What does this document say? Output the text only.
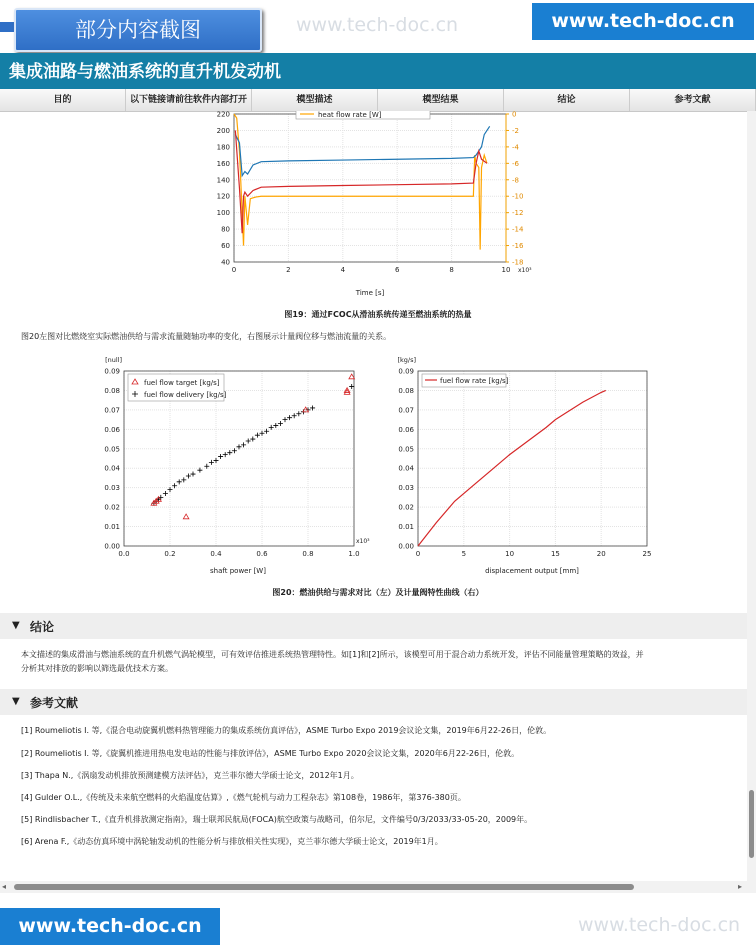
部分内容截图	www.tech-doc.cn	www.tech-doc.cn
集成油路与燃油系统的直升机发动机
目的	以下链接请前往软件内部打开	模型描述	模型结果	结论	参考文献
0	2	4	6	8	10
40
60
80
100
120
140
160
180
200
220	0
-2
-4
-6
-8
-10
-12
-14
-16
-18
Time [s]
x10³
heat flow rate [W]
图19：通过FCOC从滑油系统传递至燃油系统的热量
图20左图对比燃烧室实际燃油供给与需求流量随轴功率的变化，右图展示计量阀位移与燃油流量的关系。
0.0	0.2	0.4	0.6	0.8	1.0
0.00
0.01
0.02
0.03
0.04
0.05
0.06
0.07
0.08
0.09
[null]
shaft power [W]
x10³
fuel flow target [kg/s]
fuel flow delivery [kg/s]
0	5	10	15	20	25
0.00
0.01
0.02
0.03
0.04
0.05
0.06
0.07
0.08
0.09
[kg/s]
displacement output [mm]
fuel flow rate [kg/s]
图20：燃油供给与需求对比（左）及计量阀特性曲线（右）
▼ 结论
本文描述的集成滑油与燃油系统的直升机燃气涡轮模型，可有效评估推进系统热管理特性。如[1]和[2]所示，该模型可用于混合动力系统开发，评估不同能量管理策略的效益，并
分析其对排放的影响以筛选最优技术方案。
▼ 参考文献
[1] Roumeliotis I. 等,《混合电动旋翼机燃料热管理能力的集成系统仿真评估》，ASME Turbo Expo 2019会议论文集，2019年6月22-26日，伦敦。
[2] Roumeliotis I. 等,《旋翼机推进用热电发电站的性能与排放评估》，ASME Turbo Expo 2020会议论文集，2020年6月22-26日，伦敦。
[3] Thapa N.,《涡扇发动机排放预测建模方法评估》，克兰菲尔德大学硕士论文，2012年1月。
[4] Gulder O.L.,《传统及未来航空燃料的火焰温度估算》,《燃气轮机与动力工程杂志》第108卷，1986年，第376-380页。
[5] Rindlisbacher T.,《直升机排放测定指南》，瑞士联邦民航局(FOCA)航空政策与战略司，伯尔尼，文件编号0/3/2033/33-05-20，2009年。
[6] Arena F.,《动态仿真环境中涡轮轴发动机的性能分析与排放相关性实现》，克兰菲尔德大学硕士论文，2019年1月。
◂	▸
www.tech-doc.cn	www.tech-doc.cn
